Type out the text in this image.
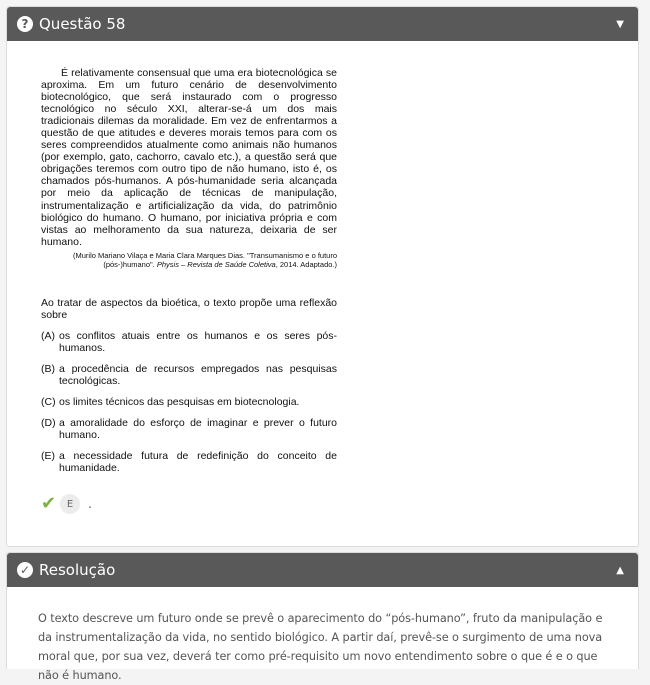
? Questão 58	▼

É relativamente consensual que uma era biotecnológica se aproxima. Em um futuro cenário de desenvolvimento biotecnológico, que será instaurado com o progresso tecnológico no século XXI, alterar-se-á um dos mais tradicionais dilemas da moralidade. Em vez de enfrentarmos a questão de que atitudes e deveres morais temos para com os seres compreendidos atualmente como animais não humanos (por exemplo, gato, cachorro, cavalo etc.), a questão será que obrigações teremos com outro tipo de não humano, isto é, os chamados pós-humanos. A pós-humanidade seria alcançada por meio da aplicação de técnicas de manipulação, instrumentalização e artificialização da vida, do patrimônio biológico do humano. O humano, por iniciativa própria e com vistas ao melhoramento da sua natureza, deixaria de ser humano.

(Murilo Mariano Vilaça e Maria Clara Marques Dias. "Transumanismo e o futuro (pós-)humano". Physis – Revista de Saúde Coletiva, 2014. Adaptado.)

Ao tratar de aspectos da bioética, o texto propõe uma reflexão sobre

(A) os conflitos atuais entre os humanos e os seres pós-humanos.
(B) a procedência de recursos empregados nas pesquisas tecnológicas.
(C) os limites técnicos das pesquisas em biotecnologia.
(D) a amoralidade do esforço de imaginar e prever o futuro humano.
(E) a necessidade futura de redefinição do conceito de humanidade.
✔	E	.
✓ Resolução	▲

O texto descreve um futuro onde se prevê o aparecimento do “pós-humano”, fruto da manipulação e da instrumentalização da vida, no sentido biológico. A partir daí, prevê-se o surgimento de uma nova moral que, por sua vez, deverá ter como pré-requisito um novo entendimento sobre o que é e o que não é humano.
